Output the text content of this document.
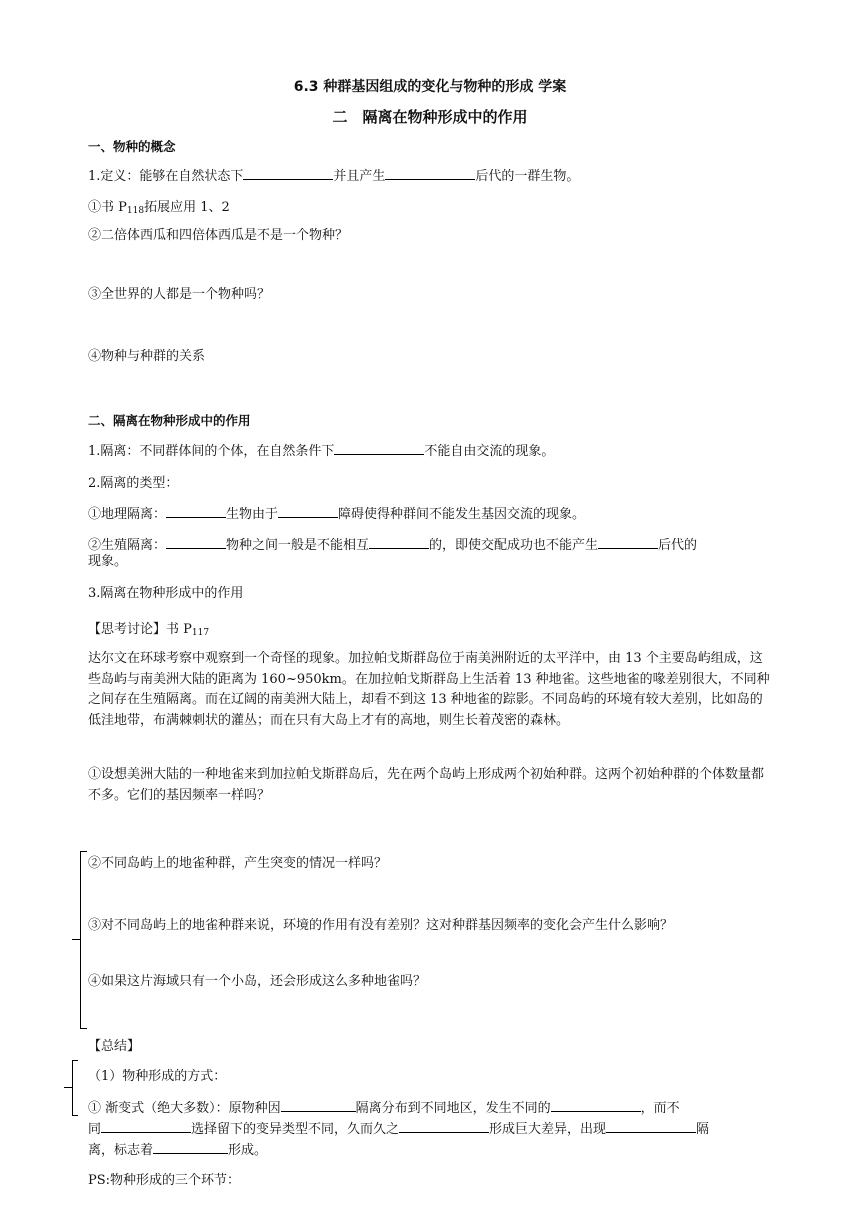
6.3 种群基因组成的变化与物种的形成 学案
二　隔离在物种形成中的作用
一、物种的概念
1.定义：能够在自然状态下	并且产生	后代的一群生物。
①书 $P_{118}$拓展应用 1、2
②二倍体西瓜和四倍体西瓜是不是一个物种？
③全世界的人都是一个物种吗？
④物种与种群的关系
二、隔离在物种形成中的作用
1.隔离：不同群体间的个体，在自然条件下	不能自由交流的现象。
2.隔离的类型：
①地理隔离：	生物由于	障碍使得种群间不能发生基因交流的现象。
②生殖隔离：	物种之间一般是不能相互	的，即使交配成功也不能产生	后代的
现象。
3.隔离在物种形成中的作用
【思考讨论】书 $P_{117}$
达尔文在环球考察中观察到一个奇怪的现象。加拉帕戈斯群岛位于南美洲附近的太平洋中，由 13 个主要岛屿组成，这些岛屿与南美洲大陆的距离为 160~950km。在加拉帕戈斯群岛上生活着 13 种地雀。这些地雀的喙差别很大，不同种之间存在生殖隔离。而在辽阔的南美洲大陆上，却看不到这 13 种地雀的踪影。不同岛屿的环境有较大差别，比如岛的低洼地带，布满棘刺状的灌丛；而在只有大岛上才有的高地，则生长着茂密的森林。
①设想美洲大陆的一种地雀来到加拉帕戈斯群岛后，先在两个岛屿上形成两个初始种群。这两个初始种群的个体数量都不多。它们的基因频率一样吗？
②不同岛屿上的地雀种群，产生突变的情况一样吗？
③对不同岛屿上的地雀种群来说，环境的作用有没有差别？这对种群基因频率的变化会产生什么影响？
④如果这片海域只有一个小岛，还会形成这么多种地雀吗？
【总结】
（1）物种形成的方式：
① 渐变式（绝大多数）：原物种因	隔离分布到不同地区，发生不同的	，而不
同	选择留下的变异类型不同，久而久之	形成巨大差异，出现	隔
离，标志着	形成。
PS:物种形成的三个环节：
